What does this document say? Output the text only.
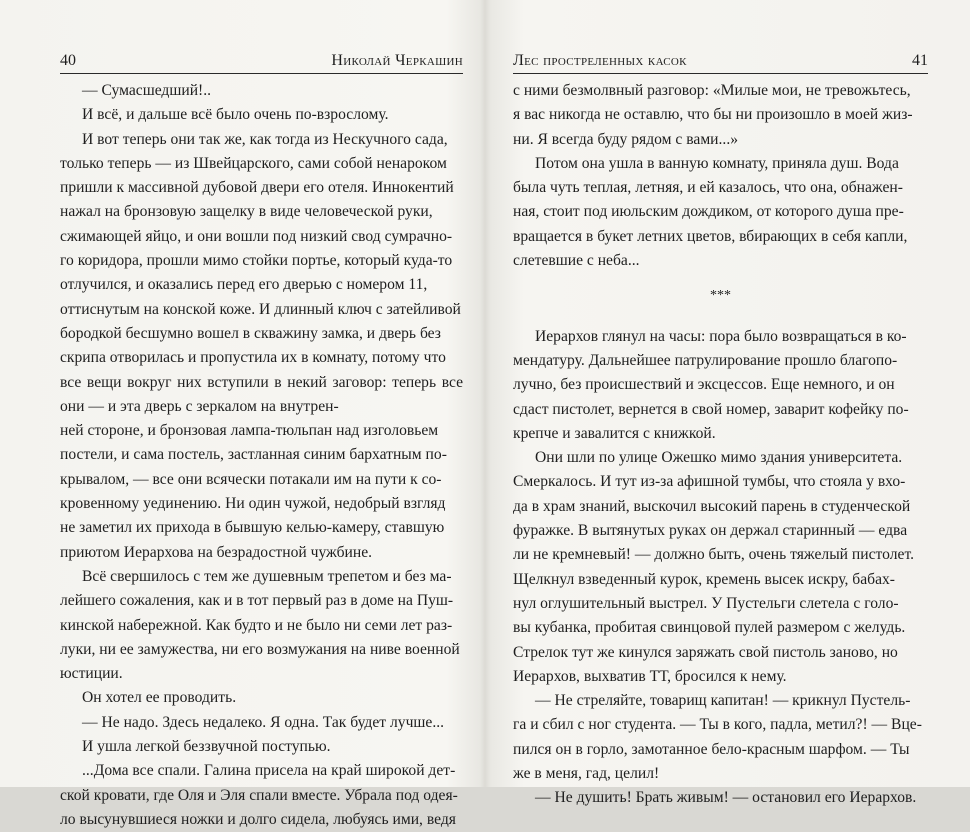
40	Николай Черкашин

— Сумасшедший!..

И всё, и дальше всё было очень по-взрослому.

И вот теперь они так же, как тогда из Нескучного сада,

только теперь — из Швейцарского, сами собой ненароком

пришли к массивной дубовой двери его отеля. Иннокентий

нажал на бронзовую защелку в виде человеческой руки,

сжимающей яйцо, и они вошли под низкий свод сумрачно-

го коридора, прошли мимо стойки портье, который куда-то

отлучился, и оказались перед его дверью с номером 11,

оттиснутым на конской коже. И длинный ключ с затейливой

бородкой бесшумно вошел в скважину замка, и дверь без

скрипа отворилась и пропустила их в комнату, потому что

все вещи вокруг них вступили в некий заговор: теперь все они — и эта дверь с зеркалом на внутрен-

ней стороне, и бронзовая лампа-тюльпан над изголовьем

постели, и сама постель, застланная синим бархатным по-

крывалом, — все они всячески потакали им на пути к со-

кровенному уединению. Ни один чужой, недобрый взгляд

не заметил их прихода в бывшую келью-камеру, ставшую

приютом Иерархова на безрадостной чужбине.

Всё свершилось с тем же душевным трепетом и без ма-

лейшего сожаления, как и в тот первый раз в доме на Пуш-

кинской набережной. Как будто и не было ни семи лет раз-

луки, ни ее замужества, ни его возмужания на ниве военной

юстиции.

Он хотел ее проводить.

— Не надо. Здесь недалеко. Я одна. Так будет лучше...

И ушла легкой беззвучной поступью.

...Дома все спали. Галина присела на край широкой дет-

ской кровати, где Оля и Эля спали вместе. Убрала под одея-

ло высунувшиеся ножки и долго сидела, любуясь ими, ведя

Лес простреленных касок	41

с ними безмолвный разговор: «Милые мои, не тревожьтесь,

я вас никогда не оставлю, что бы ни произошло в моей жиз-

ни. Я всегда буду рядом с вами...»

Потом она ушла в ванную комнату, приняла душ. Вода

была чуть теплая, летняя, и ей казалось, что она, обнажен-

ная, стоит под июльским дождиком, от которого душа пре-

вращается в букет летних цветов, вбирающих в себя капли,

слетевшие с неба...

***

Иерархов глянул на часы: пора было возвращаться в ко-

мендатуру. Дальнейшее патрулирование прошло благопо-

лучно, без происшествий и эксцессов. Еще немного, и он

сдаст пистолет, вернется в свой номер, заварит кофейку по-

крепче и завалится с книжкой.

Они шли по улице Ожешко мимо здания университета.

Смеркалось. И тут из-за афишной тумбы, что стояла у вхо-

да в храм знаний, выскочил высокий парень в студенческой

фуражке. В вытянутых руках он держал старинный — едва

ли не кремневый! — должно быть, очень тяжелый пистолет.

Щелкнул взведенный курок, кремень высек искру, бабах-

нул оглушительный выстрел. У Пустельги слетела с голо-

вы кубанка, пробитая свинцовой пулей размером с желудь.

Стрелок тут же кинулся заряжать свой пистоль заново, но

Иерархов, выхватив ТТ, бросился к нему.

— Не стреляйте, товарищ капитан! — крикнул Пустель-

га и сбил с ног студента. — Ты в кого, падла, метил?! — Вце-

пился он в горло, замотанное бело-красным шарфом. — Ты

же в меня, гад, целил!

— Не душить! Брать живым! — остановил его Иерархов.
